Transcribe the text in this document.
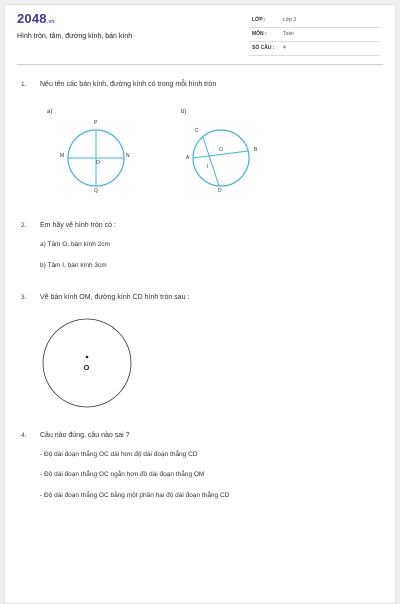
2048.vn
Hình tròn, tâm, đường kính, bán kính
LỚP :	Lớp 3
MÔN :	Toán
SỐ CÂU : 4
1. Nêu tên các bán kính, đường kính có trong mỗi hình tròn
a)
P
M
O
N
Q
b)
C
A
O
I
B
D
2. Em hãy vẽ hình tròn có :
a) Tâm O, bán kính 2cm
b) Tâm I, bán kính 3cm
3. Vẽ bán kính OM, đường kính CD hình tròn sau :
O
4. Câu nào đúng, câu nào sai ?
- Độ dài đoạn thẳng OC dài hơn độ dài đoạn thẳng CD
- Độ dài đoạn thẳng OC ngắn hơn độ dài đoạn thẳng OM
- Độ dài đoạn thẳng OC bằng một phần hai độ dài đoạn thẳng CD
